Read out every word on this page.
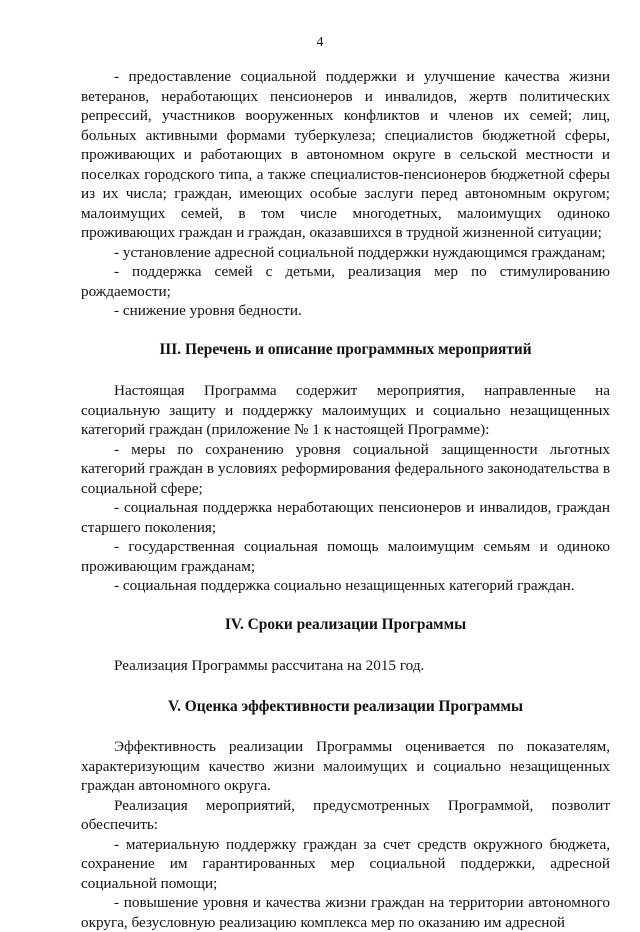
4

- предоставление социальной поддержки и улучшение качества жизни ветеранов, неработающих пенсионеров и инвалидов, жертв политических репрессий, участников вооруженных конфликтов и членов их семей; лиц, больных активными формами туберкулеза; специалистов бюджетной сферы, проживающих и работающих в автономном округе в сельской местности и поселках городского типа, а также специалистов-пенсионеров бюджетной сферы из их числа; граждан, имеющих особые заслуги перед автономным округом; малоимущих семей, в том числе многодетных, малоимущих одиноко проживающих граждан и граждан, оказавшихся в трудной жизненной ситуации;

- установление адресной социальной поддержки нуждающимся гражданам;

- поддержка семей с детьми, реализация мер по стимулированию рождаемости;

- снижение уровня бедности.

III. Перечень и описание программных мероприятий

Настоящая Программа содержит мероприятия, направленные на социальную защиту и поддержку малоимущих и социально незащищенных категорий граждан (приложение № 1 к настоящей Программе):

- меры по сохранению уровня социальной защищенности льготных категорий граждан в условиях реформирования федерального законодательства в социальной сфере;

- социальная поддержка неработающих пенсионеров и инвалидов, граждан старшего поколения;

- государственная социальная помощь малоимущим семьям и одиноко проживающим гражданам;

- социальная поддержка социально незащищенных категорий граждан.

IV. Сроки реализации Программы

Реализация Программы рассчитана на 2015 год.

V. Оценка эффективности реализации Программы

Эффективность реализации Программы оценивается по показателям, характеризующим качество жизни малоимущих и социально незащищенных граждан автономного округа.

Реализация мероприятий, предусмотренных Программой, позволит обеспечить:

- материальную поддержку граждан за счет средств окружного бюджета, сохранение им гарантированных мер социальной поддержки, адресной социальной помощи;

- повышение уровня и качества жизни граждан на территории автономного округа, безусловную реализацию комплекса мер по оказанию им адресной
